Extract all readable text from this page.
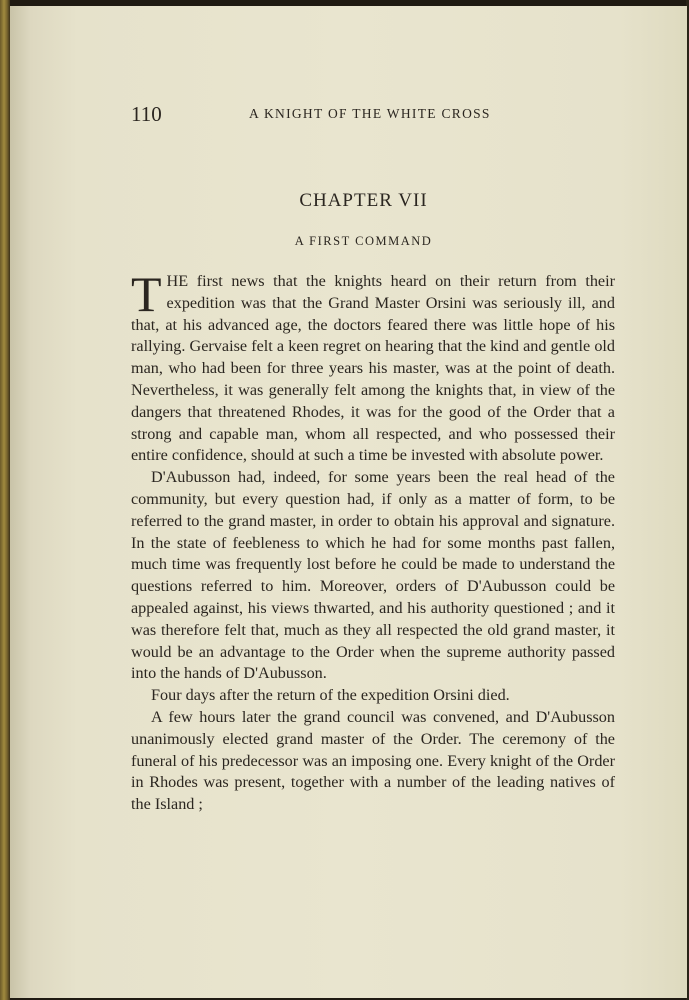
110	A KNIGHT OF THE WHITE CROSS
CHAPTER VII
A FIRST COMMAND

THE first news that the knights heard on their return from their expedition was that the Grand Master Orsini was seriously ill, and that, at his advanced age, the doctors feared there was little hope of his rallying. Gervaise felt a keen regret on hearing that the kind and gentle old man, who had been for three years his master, was at the point of death. Nevertheless, it was generally felt among the knights that, in view of the dangers that threatened Rhodes, it was for the good of the Order that a strong and capable man, whom all respected, and who possessed their entire confidence, should at such a time be invested with absolute power.

D'Aubusson had, indeed, for some years been the real head of the community, but every question had, if only as a matter of form, to be referred to the grand master, in order to obtain his approval and signature. In the state of feebleness to which he had for some months past fallen, much time was frequently lost before he could be made to understand the questions referred to him. Moreover, orders of D'Aubusson could be appealed against, his views thwarted, and his authority questioned ; and it was therefore felt that, much as they all respected the old grand master, it would be an advantage to the Order when the supreme authority passed into the hands of D'Aubusson.

Four days after the return of the expedition Orsini died.

A few hours later the grand council was convened, and D'Aubusson unanimously elected grand master of the Order. The ceremony of the funeral of his predecessor was an imposing one. Every knight of the Order in Rhodes was present, together with a number of the leading natives of the Island ;
